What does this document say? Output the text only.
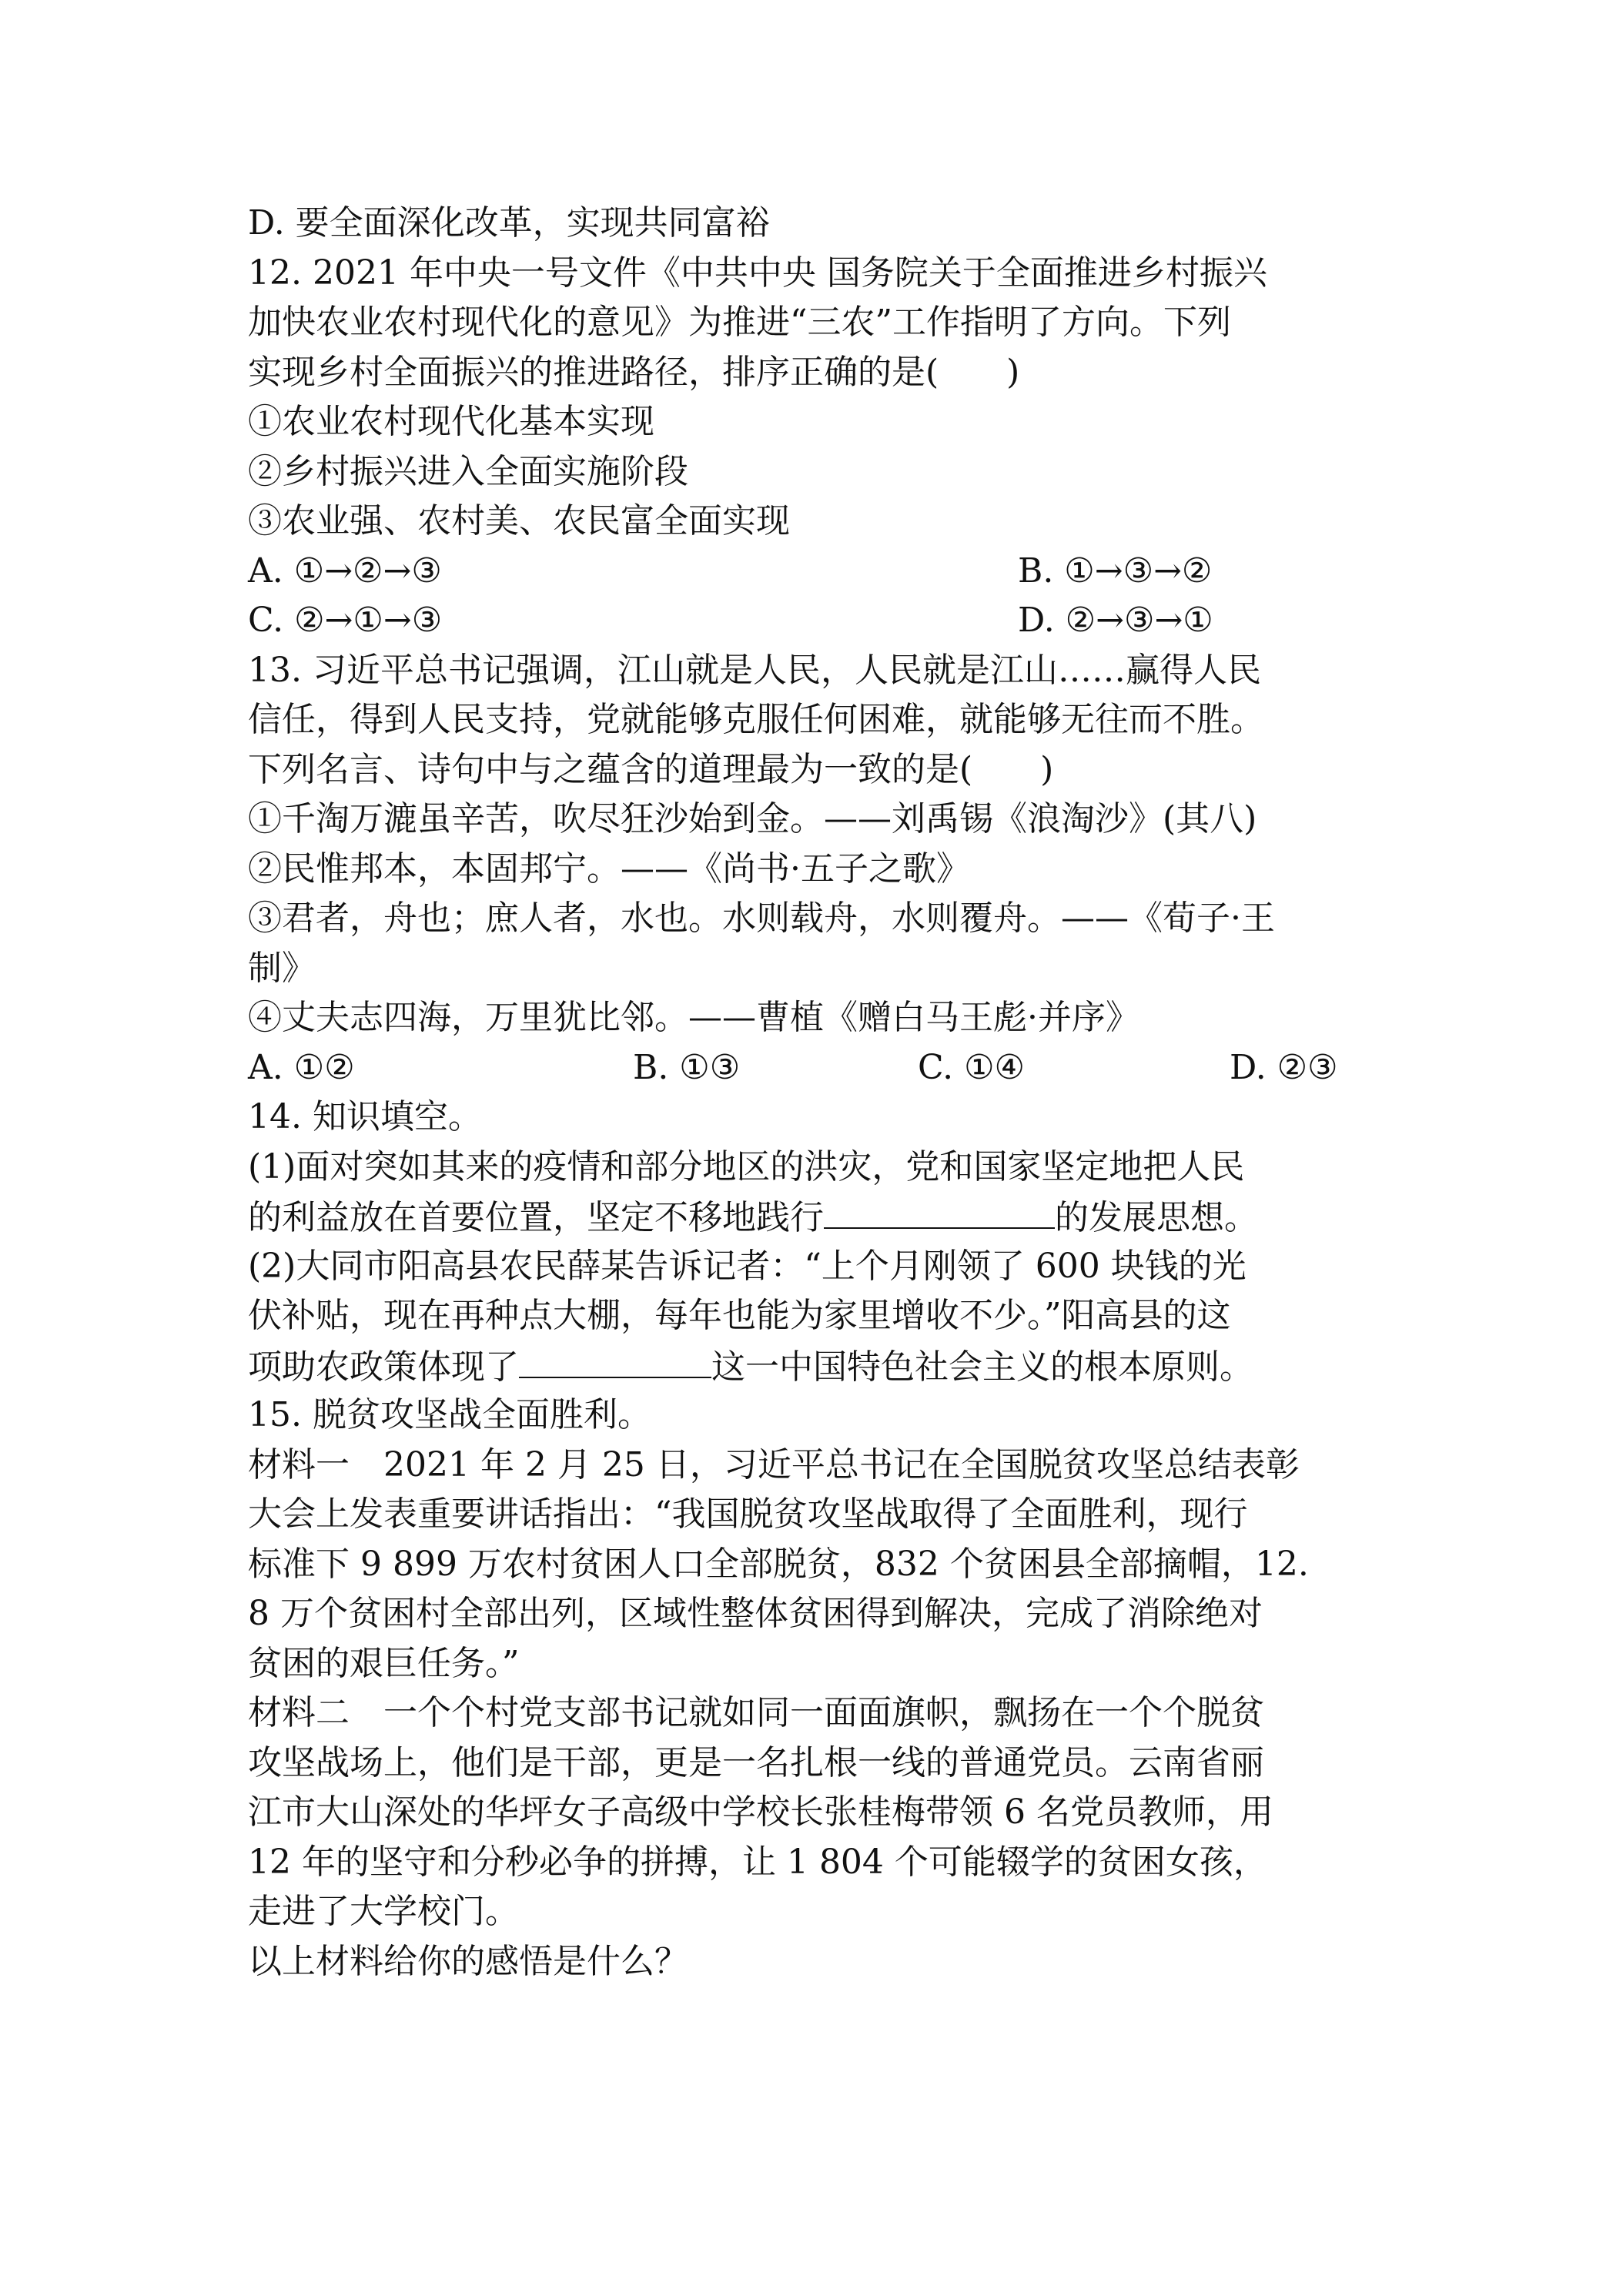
D. 要全面深化改革，实现共同富裕
12. 2021 年中央一号文件《中共中央 国务院关于全面推进乡村振兴
加快农业农村现代化的意见》为推进“三农”工作指明了方向。下列
实现乡村全面振兴的推进路径，排序正确的是(　　)
①农业农村现代化基本实现
②乡村振兴进入全面实施阶段
③农业强、农村美、农民富全面实现
A. ①→②→③	B. ①→③→②
C. ②→①→③	D. ②→③→①
13. 习近平总书记强调，江山就是人民，人民就是江山……赢得人民
信任，得到人民支持，党就能够克服任何困难，就能够无往而不胜。
下列名言、诗句中与之蕴含的道理最为一致的是(　　)
①千淘万漉虽辛苦，吹尽狂沙始到金。——刘禹锡《浪淘沙》(其八)
②民惟邦本，本固邦宁。——《尚书·五子之歌》
③君者，舟也；庶人者，水也。水则载舟，水则覆舟。——《荀子·王
制》
④丈夫志四海，万里犹比邻。——曹植《赠白马王彪·并序》
A. ①②	B. ①③	C. ①④	D. ②③
14. 知识填空。
(1)面对突如其来的疫情和部分地区的洪灾，党和国家坚定地把人民
的利益放在首要位置，坚定不移地践行	的发展思想。
(2)大同市阳高县农民薛某告诉记者：“上个月刚领了 600 块钱的光
伏补贴，现在再种点大棚，每年也能为家里增收不少。”阳高县的这
项助农政策体现了	这一中国特色社会主义的根本原则。
15. 脱贫攻坚战全面胜利。
材料一　2021 年 2 月 25 日，习近平总书记在全国脱贫攻坚总结表彰
大会上发表重要讲话指出：“我国脱贫攻坚战取得了全面胜利，现行
标准下 9 899 万农村贫困人口全部脱贫，832 个贫困县全部摘帽，12.
8 万个贫困村全部出列，区域性整体贫困得到解决，完成了消除绝对
贫困的艰巨任务。”
材料二　一个个村党支部书记就如同一面面旗帜，飘扬在一个个脱贫
攻坚战场上，他们是干部，更是一名扎根一线的普通党员。云南省丽
江市大山深处的华坪女子高级中学校长张桂梅带领 6 名党员教师，用
12 年的坚守和分秒必争的拼搏，让 1 804 个可能辍学的贫困女孩，
走进了大学校门。
以上材料给你的感悟是什么？
